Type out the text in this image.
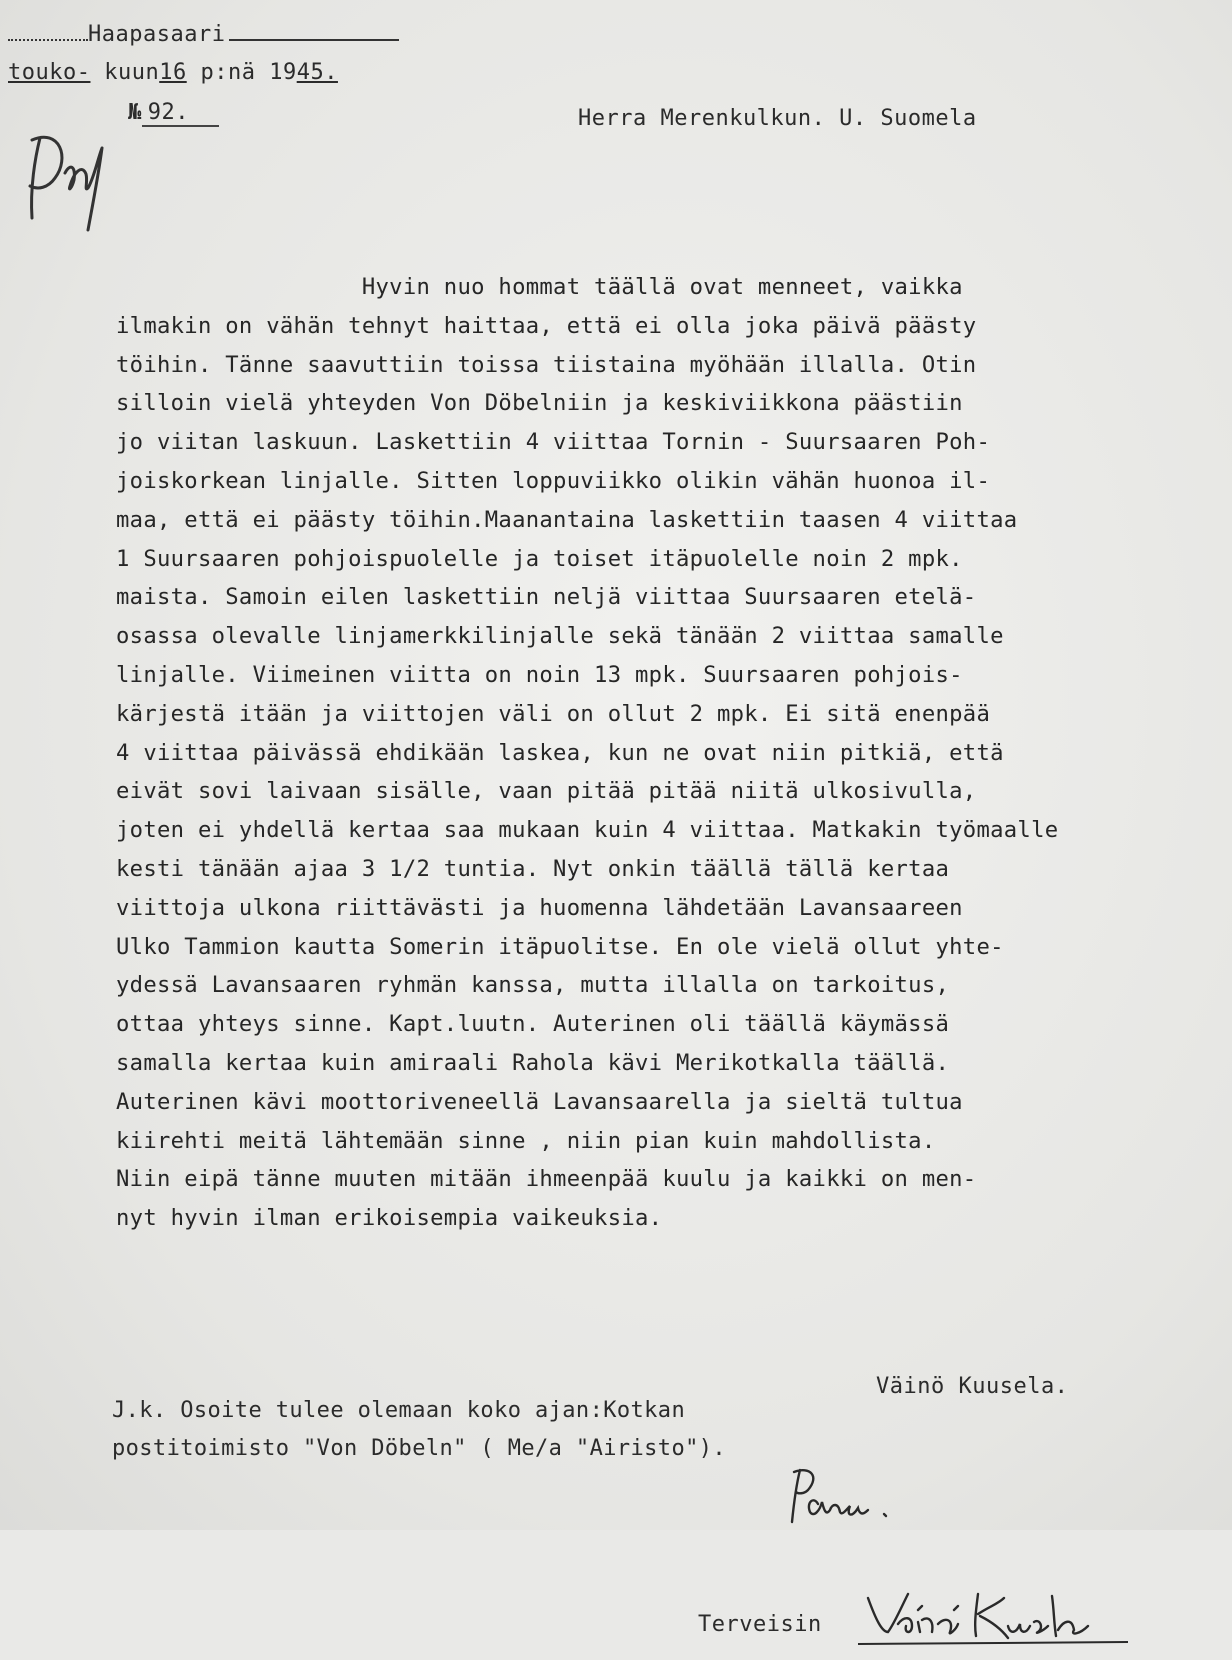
Haapasaari
touko- kuun16 p:nä 1945.
№ 92.	Herra Merenkulkun. U. Suomela
Hyvin nuo hommat täällä ovat menneet, vaikka
ilmakin on vähän tehnyt haittaa, että ei olla joka päivä päästy
töihin. Tänne saavuttiin toissa tiistaina myöhään illalla. Otin
silloin vielä yhteyden Von Döbelniin ja keskiviikkona päästiin
jo viitan laskuun. Laskettiin 4 viittaa Tornin - Suursaaren Poh-
joiskorkean linjalle. Sitten loppuviikko olikin vähän huonoa il-
maa, että ei päästy töihin.Maanantaina laskettiin taasen 4 viittaa
1 Suursaaren pohjoispuolelle ja toiset itäpuolelle noin 2 mpk.
maista. Samoin eilen laskettiin neljä viittaa Suursaaren etelä-
osassa olevalle linjamerkkilinjalle sekä tänään 2 viittaa samalle
linjalle. Viimeinen viitta on noin 13 mpk. Suursaaren pohjois-
kärjestä itään ja viittojen väli on ollut 2 mpk. Ei sitä enenpää
4 viittaa päivässä ehdikään laskea, kun ne ovat niin pitkiä, että
eivät sovi laivaan sisälle, vaan pitää pitää niitä ulkosivulla,
joten ei yhdellä kertaa saa mukaan kuin 4 viittaa. Matkakin työmaalle
kesti tänään ajaa 3 1/2 tuntia. Nyt onkin täällä tällä kertaa
viittoja ulkona riittävästi ja huomenna lähdetään Lavansaareen
Ulko Tammion kautta Somerin itäpuolitse. En ole vielä ollut yhte-
ydessä Lavansaaren ryhmän kanssa, mutta illalla on tarkoitus,
ottaa yhteys sinne. Kapt.luutn. Auterinen oli täällä käymässä
samalla kertaa kuin amiraali Rahola kävi Merikotkalla täällä.
Auterinen kävi moottoriveneellä Lavansaarella ja sieltä tultua
kiirehti meitä lähtemään sinne , niin pian kuin mahdollista.
Niin eipä tänne muuten mitään ihmeenpää kuulu ja kaikki on men-
nyt hyvin ilman erikoisempia vaikeuksia.
Terveisin
Väinö Kuusela.
J.k. Osoite tulee olemaan koko ajan:Kotkan
postitoimisto "Von Döbeln" ( Me/a "Airisto").
